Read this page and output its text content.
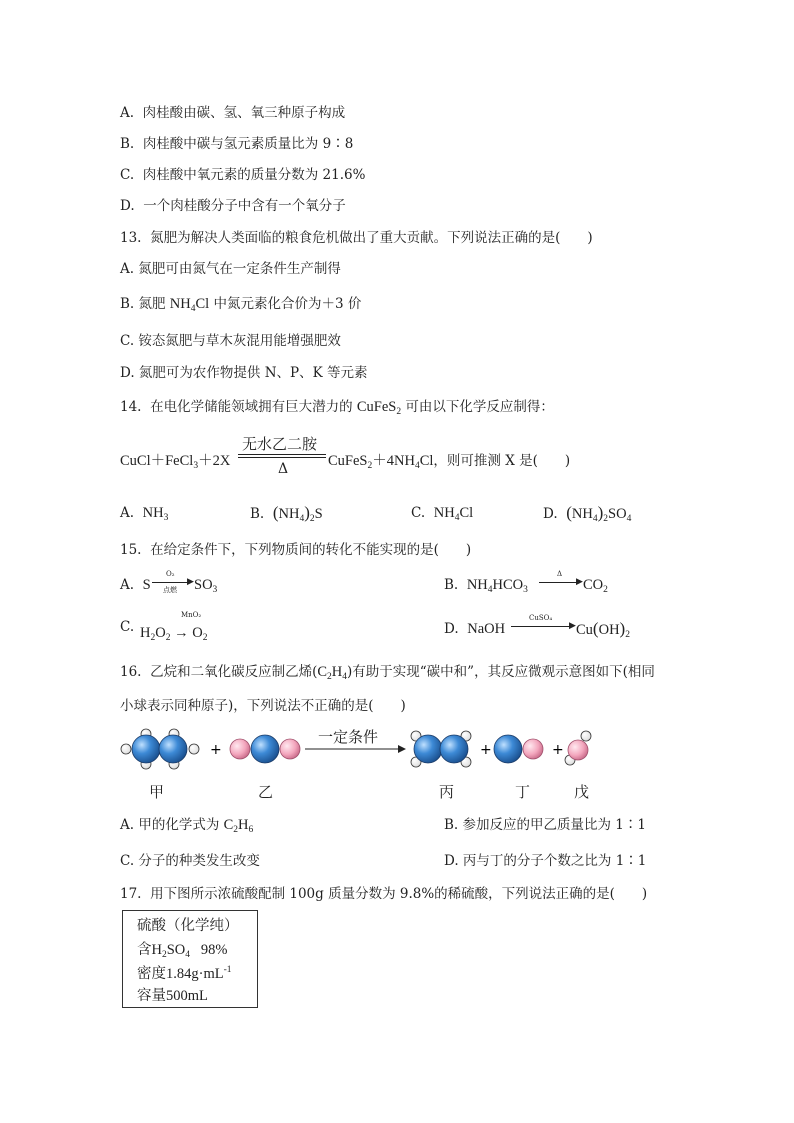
A. 肉桂酸由碳、氢、氧三种原子构成
B. 肉桂酸中碳与氢元素质量比为 9∶8
C. 肉桂酸中氧元素的质量分数为 21.6%
D. 一个肉桂酸分子中含有一个氧分子
13. 氮肥为解决人类面临的粮食危机做出了重大贡献。下列说法正确的是(　　)
A. 氮肥可由氮气在一定条件生产制得
B. 氮肥 $NH_4Cl$ 中氮元素化合价为＋3 价
C. 铵态氮肥与草木灰混用能增强肥效
D. 氮肥可为农作物提供 N、P、K 等元素
14. 在电化学储能领域拥有巨大潜力的 CuFeS$_2$ 可由以下化学反应制得：
CuCl＋FeCl$_3$＋2X
无水乙二胺
Δ	$CuFeS_2+4NH_4Cl$，则可推测 X 是(　　)
A. $NH_3$	B. $(NH_4)_2S$	C. $NH_4Cl$	D. $(NH_4)_2SO_4$
15. 在给定条件下，下列物质间的转化不能实现的是(　　)
A. S
O₂
▶
点燃 $SO_3$	B. $NH_4HCO_3$
Δ
▶ $CO_2$
C.
MnO₂
$H_2O_2 \to O_2$
D. NaOH
CuSO₄
▶ $Cu(OH)_2$
16. 乙烷和二氧化碳反应制乙烯$(C_2H_4)$有助于实现“碳中和”，其反应微观示意图如下(相同
小球表示同种原子)，下列说法不正确的是(　　)
+	+	+
一定条件
甲	乙	丙	丁	戊
A. 甲的化学式为 $C_2H_6$	B. 参加反应的甲乙质量比为 1∶1
C. 分子的种类发生改变	D. 丙与丁的分子个数之比为 1∶1
17. 用下图所示浓硫酸配制 100g 质量分数为 9.8%的稀硫酸，下列说法正确的是(　　)
硫酸（化学纯）
含$H_2SO_4$   98%
密度$1.84g\cdot mL^{-1}$
容量500mL
